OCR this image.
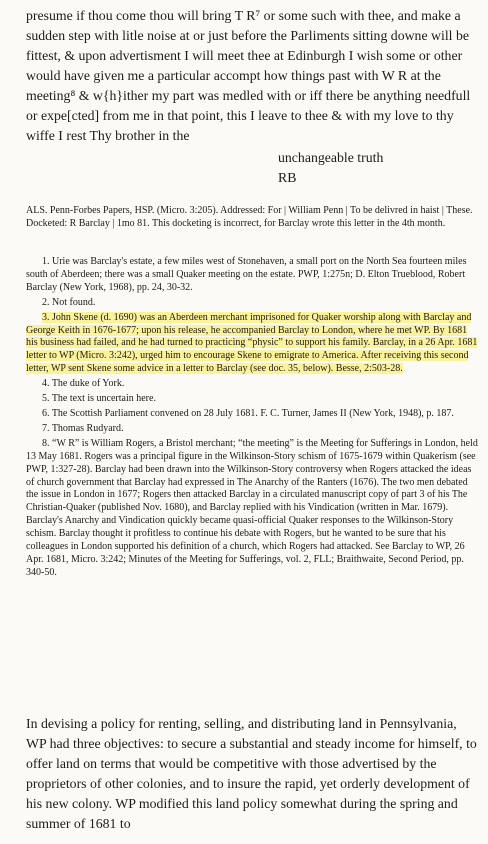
presume if thou come thou will bring T R⁷ or some such with thee, and make a sudden step with litle noise at or just before the Parliments sitting downe will be fittest, & upon advertisment I will meet thee at Edinburgh I wish some or other would have given me a particular accompt how things past with W R at the meeting⁸ & w{h}ither my part was medled with or iff there be anything needfull or expe[cted] from me in that point, this I leave to thee & with my love to thy wiffe I rest Thy brother in the

unchangeable truth
RB

ALS. Penn-Forbes Papers, HSP. (Micro. 3:205). Addressed: For | William Penn | To be delivred in haist | These. Docketed: R Barclay | 1mo 81. This docketing is incorrect, for Barclay wrote this letter in the 4th month.

1. Urie was Barclay's estate, a few miles west of Stonehaven, a small port on the North Sea fourteen miles south of Aberdeen; there was a small Quaker meeting on the estate. PWP, 1:275n; D. Elton Trueblood, Robert Barclay (New York, 1968), pp. 24, 30-32.

2. Not found.

3. John Skene (d. 1690) was an Aberdeen merchant imprisoned for Quaker worship along with Barclay and George Keith in 1676-1677; upon his release, he accompanied Barclay to London, where he met WP. By 1681 his business had failed, and he had turned to practicing “physic” to support his family. Barclay, in a 26 Apr. 1681 letter to WP (Micro. 3:242), urged him to encourage Skene to emigrate to America. After receiving this second letter, WP sent Skene some advice in a letter to Barclay (see doc. 35, below). Besse, 2:503-28.

4. The duke of York.

5. The text is uncertain here.

6. The Scottish Parliament convened on 28 July 1681. F. C. Turner, James II (New York, 1948), p. 187.

7. Thomas Rudyard.

8. “W R” is William Rogers, a Bristol merchant; “the meeting” is the Meeting for Sufferings in London, held 13 May 1681. Rogers was a principal figure in the Wilkinson-Story schism of 1675-1679 within Quakerism (see PWP, 1:327-28). Barclay had been drawn into the Wilkinson-Story controversy when Rogers attacked the ideas of church government that Barclay had expressed in The Anarchy of the Ranters (1676). The two men debated the issue in London in 1677; Rogers then attacked Barclay in a circulated manuscript copy of part 3 of his The Christian-Quaker (published Nov. 1680), and Barclay replied with his Vindication (written in Mar. 1679). Barclay's Anarchy and Vindication quickly became quasi-official Quaker responses to the Wilkinson-Story schism. Barclay thought it profitless to continue his debate with Rogers, but he wanted to be sure that his colleagues in London supported his definition of a church, which Rogers had attacked. See Barclay to WP, 26 Apr. 1681, Micro. 3:242; Minutes of the Meeting for Sufferings, vol. 2, FLL; Braithwaite, Second Period, pp. 340-50.

In devising a policy for renting, selling, and distributing land in Pennsylvania, WP had three objectives: to secure a substantial and steady income for himself, to offer land on terms that would be competitive with those advertised by the proprietors of other colonies, and to insure the rapid, yet orderly development of his new colony. WP modified this land policy somewhat during the spring and summer of 1681 to
